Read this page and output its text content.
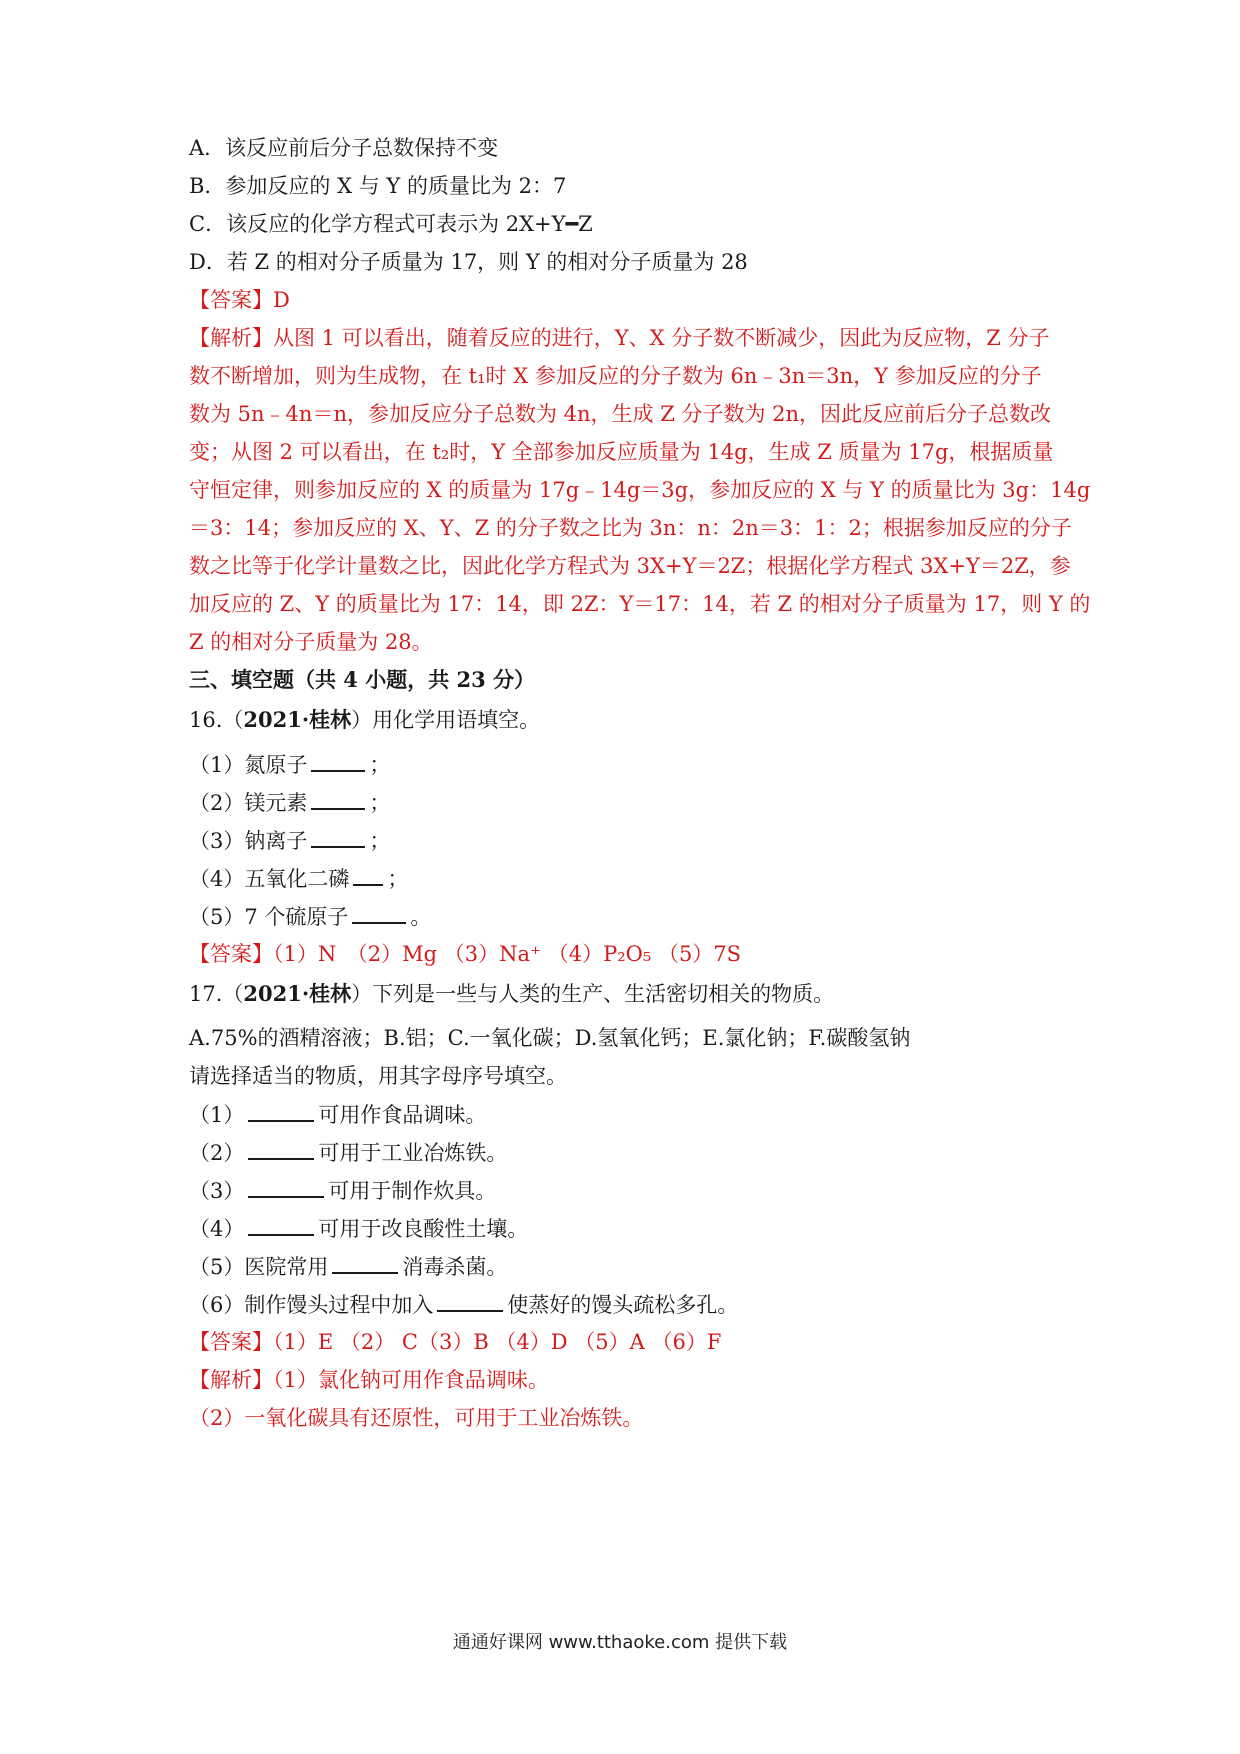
A．该反应前后分子总数保持不变
B．参加反应的 X 与 Y 的质量比为 2：7
C．该反应的化学方程式可表示为 2X+Y━Z
D．若 Z 的相对分子质量为 17，则 Y 的相对分子质量为 28
【答案】D
【解析】从图 1 可以看出，随着反应的进行，Y、X 分子数不断减少，因此为反应物，Z 分子
数不断增加，则为生成物，在 t₁时 X 参加反应的分子数为 6n﹣3n＝3n，Y 参加反应的分子
数为 5n﹣4n＝n，参加反应分子总数为 4n，生成 Z 分子数为 2n，因此反应前后分子总数改
变；从图 2 可以看出，在 t₂时，Y 全部参加反应质量为 14g，生成 Z 质量为 17g，根据质量
守恒定律，则参加反应的 X 的质量为 17g﹣14g＝3g，参加反应的 X 与 Y 的质量比为 3g：14g
＝3：14；参加反应的 X、Y、Z 的分子数之比为 3n：n：2n＝3：1：2；根据参加反应的分子
数之比等于化学计量数之比，因此化学方程式为 3X+Y＝2Z；根据化学方程式 3X+Y＝2Z，参
加反应的 Z、Y 的质量比为 17：14，即 2Z：Y＝17：14，若 Z 的相对分子质量为 17，则 Y 的
Z 的相对分子质量为 28。
三、填空题（共 4 小题，共 23 分）
16.（2021·桂林）用化学用语填空。
（1）氮原子	；
（2）镁元素	；
（3）钠离子	；
（4）五氧化二磷 ；
（5）7 个硫原子	。
【答案】（1）N　（2）Mg （3）Na⁺ （4）P₂O₅ （5）7S
17.（2021·桂林）下列是一些与人类的生产、生活密切相关的物质。
A.75%的酒精溶液；B.铝；C.一氧化碳；D.氢氧化钙；E.氯化钠；F.碳酸氢钠
请选择适当的物质，用其字母序号填空。
（1）	可用作食品调味。
（2）	可用于工业冶炼铁。
（3）	可用于制作炊具。
（4）	可用于改良酸性土壤。
（5）医院常用	消毒杀菌。
（6）制作馒头过程中加入	使蒸好的馒头疏松多孔。
【答案】（1）E （2） C（3）B （4）D （5）A （6）F
【解析】（1）氯化钠可用作食品调味。
（2）一氧化碳具有还原性，可用于工业冶炼铁。
通通好课网 www.tthaoke.com 提供下载
